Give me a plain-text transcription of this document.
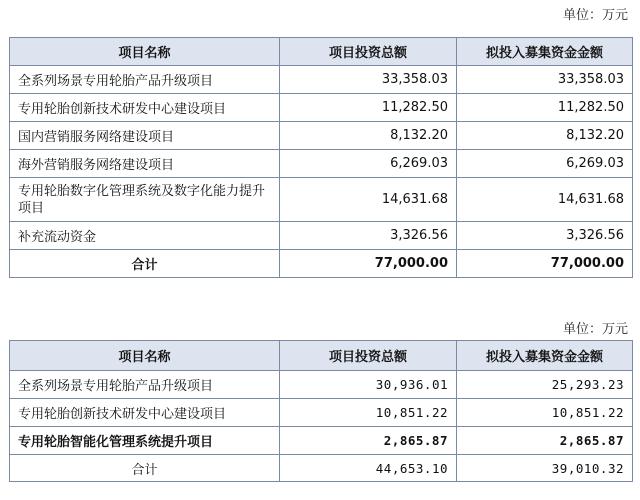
单位：万元
项目名称	项目投资总额	拟投入募集资金金额
全系列场景专用轮胎产品升级项目	33,358.03	33,358.03
专用轮胎创新技术研发中心建设项目	11,282.50	11,282.50
国内营销服务网络建设项目	8,132.20	8,132.20
海外营销服务网络建设项目	6,269.03	6,269.03
专用轮胎数字化管理系统及数字化能力提升项目	14,631.68	14,631.68
补充流动资金	3,326.56	3,326.56
合计	77,000.00	77,000.00
单位：万元
项目名称	项目投资总额	拟投入募集资金金额
全系列场景专用轮胎产品升级项目	30,936.01	25,293.23
专用轮胎创新技术研发中心建设项目	10,851.22	10,851.22
专用轮胎智能化管理系统提升项目	2,865.87	2,865.87
合计	44,653.10	39,010.32
